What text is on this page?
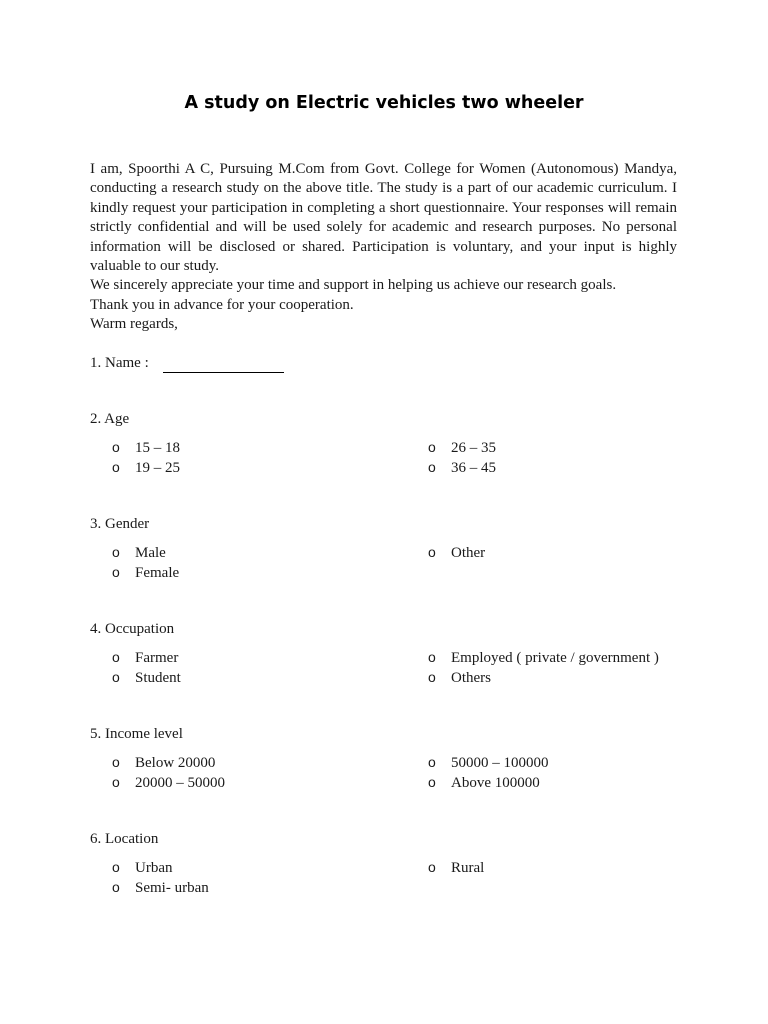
A study on Electric vehicles two wheeler

I am, Spoorthi A C, Pursuing M.Com from Govt. College for Women (Autonomous) Mandya, conducting a research study on the above title. The study is a part of our academic curriculum. I kindly request your participation in completing a short questionnaire. Your responses will remain strictly confidential and will be used solely for academic and research purposes. No personal information will be disclosed or shared. Participation is voluntary, and your input is highly valuable to our study.

We sincerely appreciate your time and support in helping us achieve our research goals.

Thank you in advance for your cooperation.

Warm regards,

1. Name :

2. Age

o 15 – 18
o 19 – 25
o 26 – 35
o 36 – 45

3. Gender

o Male
o Female
o Other

4. Occupation

o Farmer
o Student
o Employed ( private / government )
o Others

5. Income level

o Below 20000
o 20000 – 50000
o 50000 – 100000
o Above 100000

6. Location

o Urban
o Semi- urban
o Rural
